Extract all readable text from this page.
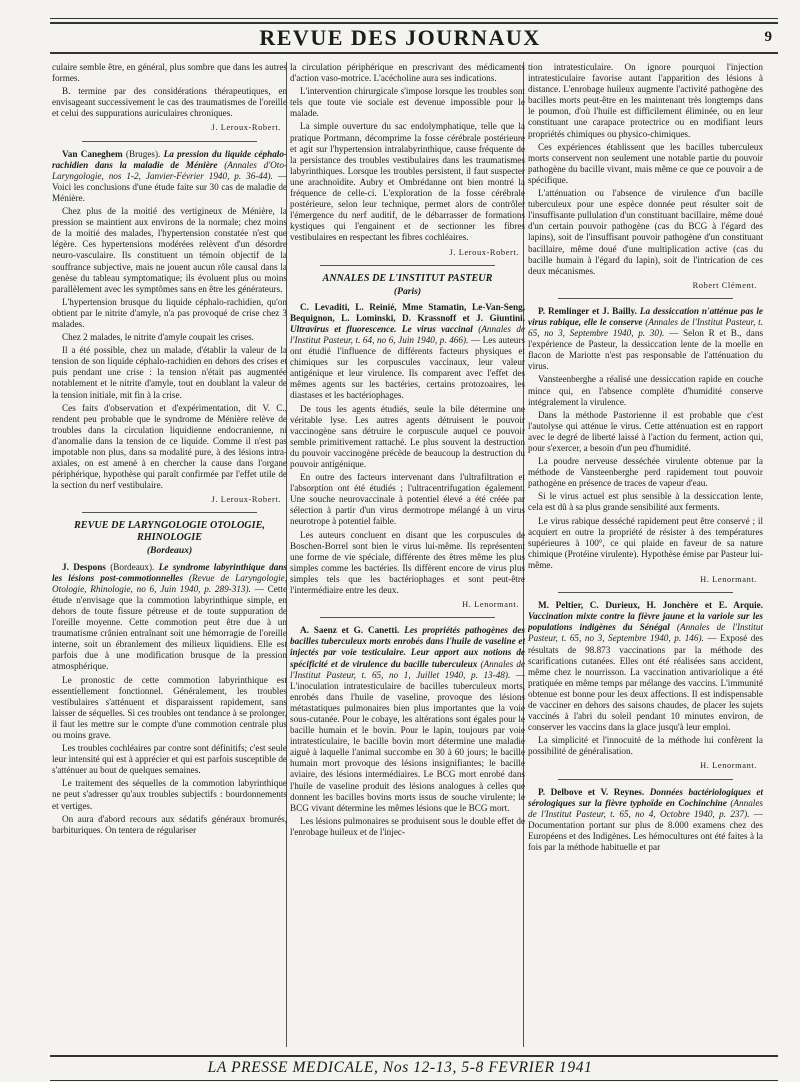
REVUE DES JOURNAUX	9

culaire semble être, en général, plus sombre que dans les autres formes.

B. termine par des considérations thérapeutiques, en envisageant successivement le cas des traumatismes de l'oreille et celui des suppurations auriculaires chroniques.

J. Leroux-Robert.

Van Caneghem (Bruges). La pression du liquide céphalo-rachidien dans la maladie de Ménière (Annales d'Oto-Laryngologie, nos 1-2, Janvier-Février 1940, p. 36-44). — Voici les conclusions d'une étude faite sur 30 cas de maladie de Ménière.

Chez plus de la moitié des vertigineux de Ménière, la pression se maintient aux environs de la normale; chez moins de la moitié des malades, l'hypertension constatée n'est que légère. Ces hypertensions modérées relèvent d'un désordre neuro-vasculaire. Ils constituent un témoin objectif de la souffrance subjective, mais ne jouent aucun rôle causal dans la genèse du tableau symptomatique; ils évoluent plus ou moins parallèlement avec les symptômes sans en être les générateurs.

L'hypertension brusque du liquide céphalo-rachidien, qu'on obtient par le nitrite d'amyle, n'a pas provoqué de crise chez 3 malades.

Chez 2 malades, le nitrite d'amyle coupait les crises.

Il a été possible, chez un malade, d'établir la valeur de la tension de son liquide céphalo-rachidien en dehors des crises et puis pendant une crise : la tension n'était pas augmentée notablement et le nitrite d'amyle, tout en doublant la valeur de la tension initiale, mit fin à la crise.

Ces faits d'observation et d'expérimentation, dit V. C., rendent peu probable que le syndrome de Ménière relève de troubles dans la circulation liquidienne endocranienne, ni d'anomalie dans la tension de ce liquide. Comme il n'est pas impotable non plus, dans sa modalité pure, à des lésions intra-axiales, on est amené à en chercher la cause dans l'organe périphérique, hypothèse qui paraît confirmée par l'effet utile de la section du nerf vestibulaire.

J. Leroux-Robert.
REVUE DE LARYNGOLOGIE OTOLOGIE, RHINOLOGIE
(Bordeaux)

J. Despons (Bordeaux). Le syndrome labyrinthique dans les lésions post-commotionnelles (Revue de Laryngologie, Otologie, Rhinologie, no 6, Juin 1940, p. 289-313). — Cette étude n'envisage que la commotion labyrinthique simple, en dehors de toute fissure pétreuse et de toute suppuration de l'oreille moyenne. Cette commotion peut être due à un traumatisme crânien entraînant soit une hémorragie de l'oreille interne, soit un ébranlement des milieux liquidiens. Elle est parfois due à une modification brusque de la pression atmosphérique.

Le pronostic de cette commotion labyrinthique est essentiellement fonctionnel. Généralement, les troubles vestibulaires s'atténuent et disparaissent rapidement, sans laisser de séquelles. Si ces troubles ont tendance à se prolonger, il faut les mettre sur le compte d'une commotion centrale plus ou moins grave.

Les troubles cochléaires par contre sont définitifs; c'est seule leur intensité qui est à apprécier et qui est parfois susceptible de s'atténuer au bout de quelques semaines.

Le traitement des séquelles de la commotion labyrinthique ne peut s'adresser qu'aux troubles subjectifs : bourdonnements et vertiges.

On aura d'abord recours aux sédatifs généraux bromurés, barbituriques. On tentera de régulariser

la circulation périphérique en prescrivant des médicaments d'action vaso-motrice. L'acécholine aura ses indications.

L'intervention chirurgicale s'impose lorsque les troubles sont tels que toute vie sociale est devenue impossible pour le malade.

La simple ouverture du sac endolymphatique, telle que la pratique Portmann, décomprime la fosse cérébrale postérieure et agit sur l'hypertension intralabyrinthique, cause fréquente de la persistance des troubles vestibulaires dans les traumatismes labyrinthiques. Lorsque les troubles persistent, il faut suspecter une arachnoïdite. Aubry et Ombrédanne ont bien montré la fréquence de celle-ci. L'exploration de la fosse cérébrale postérieure, selon leur technique, permet alors de contrôler l'émergence du nerf auditif, de le débarrasser de formations kystiques qui l'engainent et de sectionner les fibres vestibulaires en respectant les fibres cochléaires.

J. Leroux-Robert.
ANNALES DE L'INSTITUT PASTEUR
(Paris)

C. Levaditi, L. Reinié, Mme Stamatin, Le-Van-Seng, Bequignon, L. Lominski, D. Krassnoff et J. Giuntini. Ultravirus et fluorescence. Le virus vaccinal (Annales de l'Institut Pasteur, t. 64, no 6, Juin 1940, p. 466). — Les auteurs ont étudié l'influence de différents facteurs physiques et chimiques sur les corpuscules vaccinaux, leur valeur antigénique et leur virulence. Ils comparent avec l'effet des mêmes agents sur les bactéries, certains protozoaires, les diastases et les bactériophages.

De tous les agents étudiés, seule la bile détermine une véritable lyse. Les autres agents détruisent le pouvoir vaccinogène sans détruire le corpuscule auquel ce pouvoir semble primitivement rattaché. Le plus souvent la destruction du pouvoir vaccinogène précède de beaucoup la destruction du pouvoir antigénique.

En outre des facteurs intervenant dans l'ultrafiltration et l'absorption ont été étudiés ; l'ultracentrifugation également. Une souche neurovaccinale à potentiel élevé a été créée par sélection à partir d'un virus dermotrope mélangé à un virus neurotrope à potentiel faible.

Les auteurs concluent en disant que les corpuscules de Boschen-Borrel sont bien le virus lui-même. Ils représentent une forme de vie spéciale, différente des êtres même les plus simples comme les bactéries. Ils diffèrent encore de virus plus simples tels que les bactériophages et sont peut-être l'intermédiaire entre les deux.

H. Lenormant.

A. Saenz et G. Canetti. Les propriétés pathogènes des bacilles tuberculeux morts enrobés dans l'huile de vaseline et injectés par voie testiculaire. Leur apport aux notions de spécificité et de virulence du bacille tuberculeux (Annales de l'Institut Pasteur, t. 65, no 1, Juillet 1940, p. 13-48). — L'inoculation intratesticulaire de bacilles tuberculeux morts, enrobés dans l'huile de vaseline, provoque des lésions métastatiques pulmonaires bien plus importantes que la voie sous-cutanée. Pour le cobaye, les altérations sont égales pour le bacille humain et le bovin. Pour le lapin, toujours par voie intratesticulaire, le bacille bovin mort détermine une maladie aiguë à laquelle l'animal succombe en 30 à 60 jours; le bacille humain mort provoque des lésions insignifiantes; le bacille aviaire, des lésions intermédiaires. Le BCG mort enrobé dans l'huile de vaseline produit des lésions analogues à celles que donnent les bacilles bovins morts issus de souche virulente; le BCG vivant détermine les mêmes lésions que le BCG mort.

Les lésions pulmonaires se produisent sous le double effet de l'enrobage huileux et de l'injec-

tion intratesticulaire. On ignore pourquoi l'injection intratesticulaire favorise autant l'apparition des lésions à distance. L'enrobage huileux augmente l'activité pathogène des bacilles morts peut-être en les maintenant très longtemps dans le poumon, d'où l'huile est difficilement éliminée, ou en leur constituant une carapace protectrice ou en modifiant leurs propriétés chimiques ou physico-chimiques.

Ces expériences établissent que les bacilles tuberculeux morts conservent non seulement une notable partie du pouvoir pathogène du bacille vivant, mais même ce que ce pouvoir a de spécifique.

L'atténuation ou l'absence de virulence d'un bacille tuberculeux pour une espèce donnée peut résulter soit de l'insuffisante pullulation d'un constituant bacillaire, même doué d'un certain pouvoir pathogène (cas du BCG à l'égard des lapins), soit de l'insuffisant pouvoir pathogène d'un constituant bacillaire, même doué d'une multiplication active (cas du bacille humain à l'égard du lapin), soit de l'intrication de ces deux mécanismes.

Robert Clément.

P. Remlinger et J. Bailly. La dessiccation n'atténue pas le virus rabique, elle le conserve (Annales de l'Institut Pasteur, t. 65, no 3, Septembre 1940, p. 30). — Selon R et B., dans l'expérience de Pasteur, la dessiccation lente de la moelle en flacon de Mariotte n'est pas responsable de l'atténuation du virus.

Vansteenberghe a réalisé une dessiccation rapide en couche mince qui, en l'absence complète d'humidité conserve intégralement la virulence.

Dans la méthode Pastorienne il est probable que c'est l'autolyse qui atténue le virus. Cette atténuation est en rapport avec le degré de liberté laissé à l'action du ferment, action qui, pour s'exercer, a besoin d'un peu d'humidité.

La poudre nerveuse desséchée virulente obtenue par la méthode de Vansteenberghe perd rapidement tout pouvoir pathogène en présence de traces de vapeur d'eau.

Si le virus actuel est plus sensible à la dessiccation lente, cela est dû à sa plus grande sensibilité aux ferments.

Le virus rabique desséché rapidement peut être conservé ; il acquiert en outre la propriété de résister à des températures supérieures à 100°, ce qui plaide en faveur de sa nature chimique (Protéine virulente). Hypothèse émise par Pasteur lui-même.

H. Lenormant.

M. Peltier, C. Durieux, H. Jonchère et E. Arquie. Vaccination mixte contre la fièvre jaune et la variole sur les populations indigènes du Sénégal (Annales de l'Institut Pasteur, t. 65, no 3, Septembre 1940, p. 146). — Exposé des résultats de 98.873 vaccinations par la méthode des scarifications cutanées. Elles ont été réalisées sans accident, même chez le nourrisson. La vaccination antivariolique a été pratiquée en même temps par mélange des vaccins. L'immunité obtenue est bonne pour les deux affections. Il est indispensable de vacciner en dehors des saisons chaudes, de placer les sujets vaccinés à l'abri du soleil pendant 10 minutes environ, de conserver les vaccins dans la glace jusqu'à leur emploi.

La simplicité et l'innocuité de la méthode lui confèrent la possibilité de généralisation.

H. Lenormant.

P. Delbove et V. Reynes. Données bactériologiques et sérologiques sur la fièvre typhoïde en Cochinchine (Annales de l'Institut Pasteur, t. 65, no 4, Octobre 1940, p. 237). — Documentation portant sur plus de 8.000 examens chez des Européens et des Indigènes. Les hémocultures ont été faites à la fois par la méthode habituelle et par

LA PRESSE MEDICALE, Nos 12-13, 5-8 FEVRIER 1941
